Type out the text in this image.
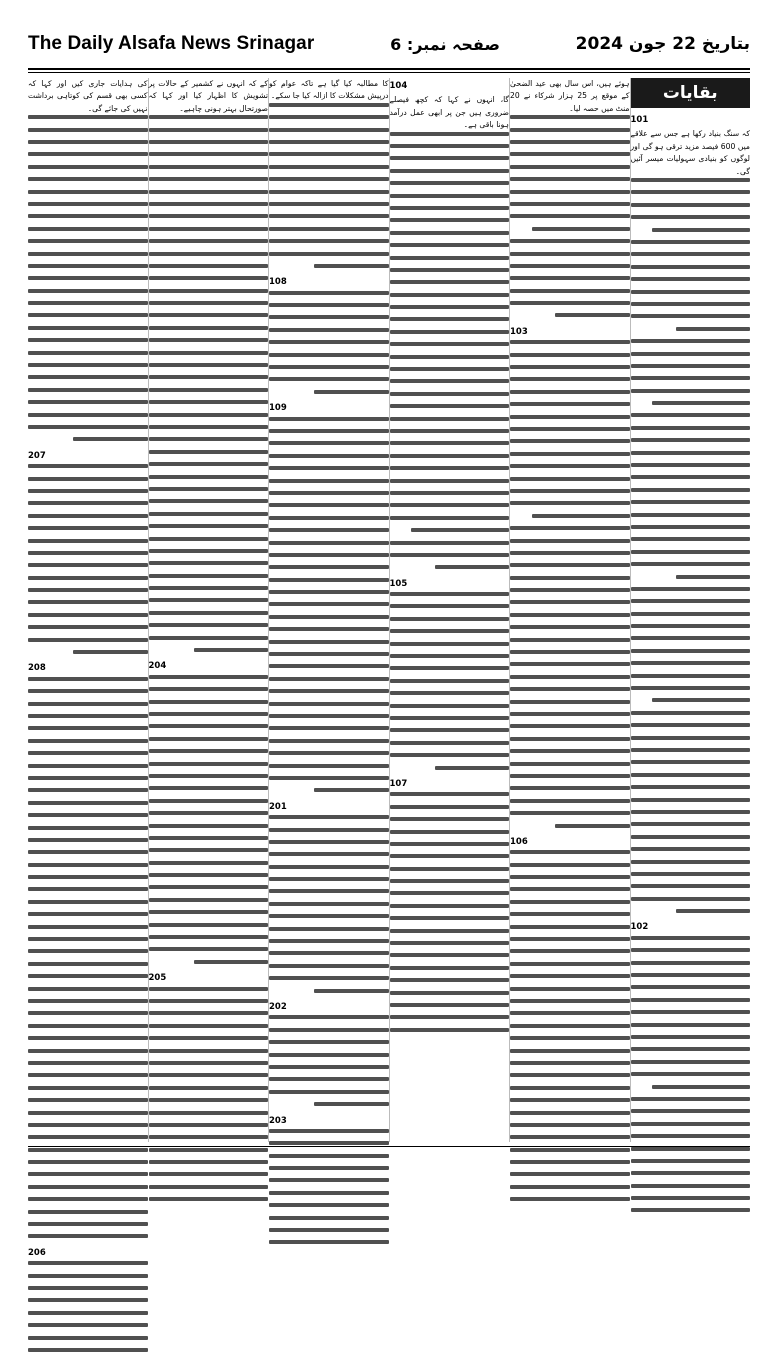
The Daily Alsafa News Srinagar	صفحہ نمبر: 6	بتاریخ 22 جون 2024
بقایات
101

کہ سنگ بنیاد رکھا ہے جس سے علاقے میں 600 فیصد مزید ترقی ہو گی اور لوگوں کو بنیادی سہولیات میسر آئیں گی۔

102

ہوئے ہیں، اس سال بھی عید الضحیٰ کے موقع پر 25 ہزار شرکاء نے 20 منٹ میں حصہ لیا۔

103
106
104

گا، انہوں نے کہا کہ کچھ فیصلے ضروری ہیں جن پر ابھی عمل درآمد ہونا باقی ہے۔

105
107

کا مطالبہ کیا گیا ہے تاکہ عوام کو درپیش مشکلات کا ازالہ کیا جا سکے۔

108
109
201
202
203

کے کہ انہوں نے کشمیر کے حالات پر تشویش کا اظہار کیا اور کہا کہ صورتحال بہتر ہونی چاہیے۔

204
205

کی ہدایات جاری کیں اور کہا کہ کسی بھی قسم کی کوتاہی برداشت نہیں کی جائے گی۔

207
208
206
